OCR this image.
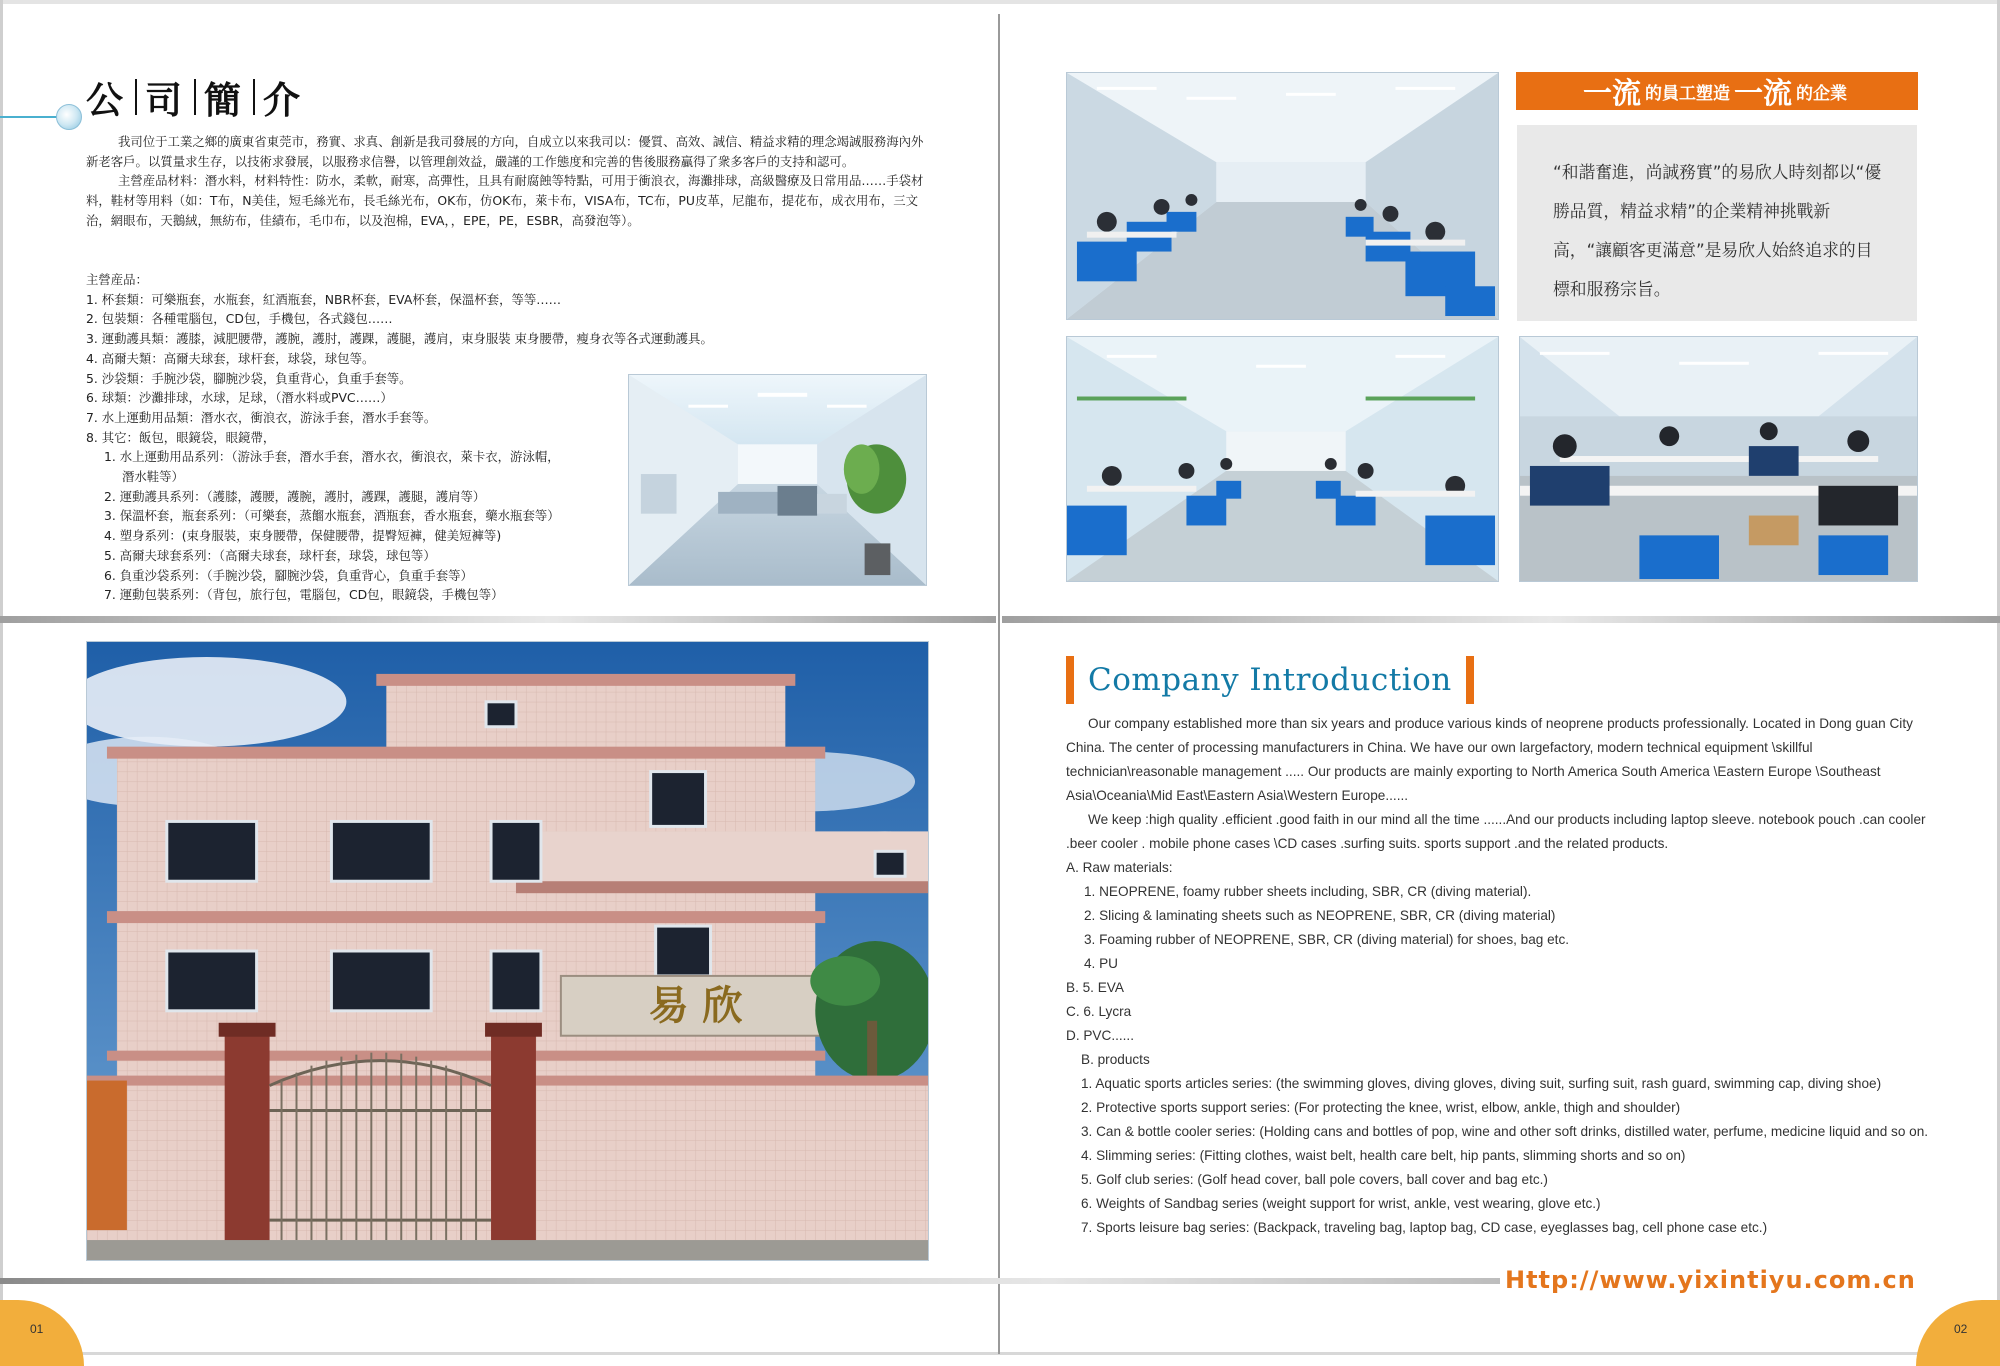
公 司 簡 介

我司位于工業之鄉的廣東省東莞市，務實、求真、創新是我司發展的方向，自成立以來我司以：優質、高效、誠信、精益求精的理念竭誠服務海內外新老客戶。以質量求生存，以技術求發展，以服務求信譽，以管理創效益，嚴謹的工作態度和完善的售後服務贏得了衆多客戶的支持和認可。

主營産品材料：潛水料，材料特性：防水，柔軟，耐寒，高彈性，且具有耐腐蝕等特點，可用于衝浪衣，海灘排球，高級醫療及日常用品……手袋材料，鞋材等用料（如：T布，N美佳，短毛絲光布，長毛絲光布，OK布，仿OK布，萊卡布，VISA布，TC布，PU皮革，尼龍布，提花布，成衣用布，三文治，網眼布，天鵝絨，無紡布，佳績布，毛巾布，以及泡棉，EVA，，EPE，PE，ESBR，高發泡等）。

主營産品：
1. 杯套類：可樂瓶套，水瓶套，紅酒瓶套，NBR杯套，EVA杯套，保溫杯套，等等……
2. 包裝類：各種電腦包，CD包，手機包，各式錢包……
3. 運動護具類：護膝，減肥腰帶，護腕，護肘，護踝，護腿，護肩，束身服裝 束身腰帶，瘦身衣等各式運動護具。
4. 高爾夫類：高爾夫球套，球杆套，球袋，球包等。
5. 沙袋類：手腕沙袋，腳腕沙袋，負重背心，負重手套等。
6. 球類：沙灘排球，水球，足球，（潛水料或PVC……）
7. 水上運動用品類：潛水衣，衝浪衣，游泳手套，潛水手套等。
8. 其它：飯包，眼鏡袋，眼鏡帶，
1. 水上運動用品系列：（游泳手套，潛水手套，潛水衣，衝浪衣，萊卡衣，游泳帽，
潛水鞋等）
2. 運動護具系列：（護膝，護腰，護腕，護肘，護踝，護腿，護肩等）
3. 保溫杯套，瓶套系列：（可樂套，蒸餾水瓶套，酒瓶套，香水瓶套，藥水瓶套等）
4. 塑身系列：(束身服裝，束身腰帶，保健腰帶，提臀短褲，健美短褲等)
5. 高爾夫球套系列：（高爾夫球套，球杆套，球袋，球包等）
6. 負重沙袋系列：（手腕沙袋，腳腕沙袋，負重背心，負重手套等）
7. 運動包裝系列：（背包，旅行包，電腦包，CD包，眼鏡袋，手機包等）
一流 的員工塑造 一流 的企業
“和諧奮進，尚誠務實”的易欣人時刻都以“優勝品質，精益求精”的企業精神挑戰新高，“讓顧客更滿意”是易欣人始終追求的目標和服務宗旨。
易 欣
Company Introduction
Our company established more than six years and produce various kinds of neoprene products professionally. Located in Dong guan City China. The center of processing manufacturers in China. We have our own largefactory, modern technical equipment \skillful technician\reasonable management ..... Our products are mainly exporting to North America South America \Eastern Europe \Southeast Asia\Oceania\Mid East\Eastern Asia\Western Europe......
We keep :high quality .efficient .good faith in our mind all the time ......And our products including laptop sleeve. notebook pouch .can cooler .beer cooler . mobile phone cases \CD cases .surfing suits. sports support .and the related products.
A. Raw materials:
1. NEOPRENE, foamy rubber sheets including, SBR, CR (diving material).
2. Slicing & laminating sheets such as NEOPRENE, SBR, CR (diving material)
3. Foaming rubber of NEOPRENE, SBR, CR (diving material) for shoes, bag etc.
4. PU
B. 5. EVA
C. 6. Lycra
D. PVC......
B. products
1. Aquatic sports articles series: (the swimming gloves, diving gloves, diving suit, surfing suit, rash guard, swimming cap, diving shoe)
2. Protective sports support series: (For protecting the knee, wrist, elbow, ankle, thigh and shoulder)
3. Can & bottle cooler series: (Holding cans and bottles of pop, wine and other soft drinks, distilled water, perfume, medicine liquid and so on.
4. Slimming series: (Fitting clothes, waist belt, health care belt, hip pants, slimming shorts and so on)
5. Golf club series: (Golf head cover, ball pole covers, ball cover and bag etc.)
6. Weights of Sandbag series (weight support for wrist, ankle, vest wearing, glove etc.)
7. Sports leisure bag series: (Backpack, traveling bag, laptop bag, CD case, eyeglasses bag, cell phone case etc.)
Http://www.yixintiyu.com.cn
01	02
